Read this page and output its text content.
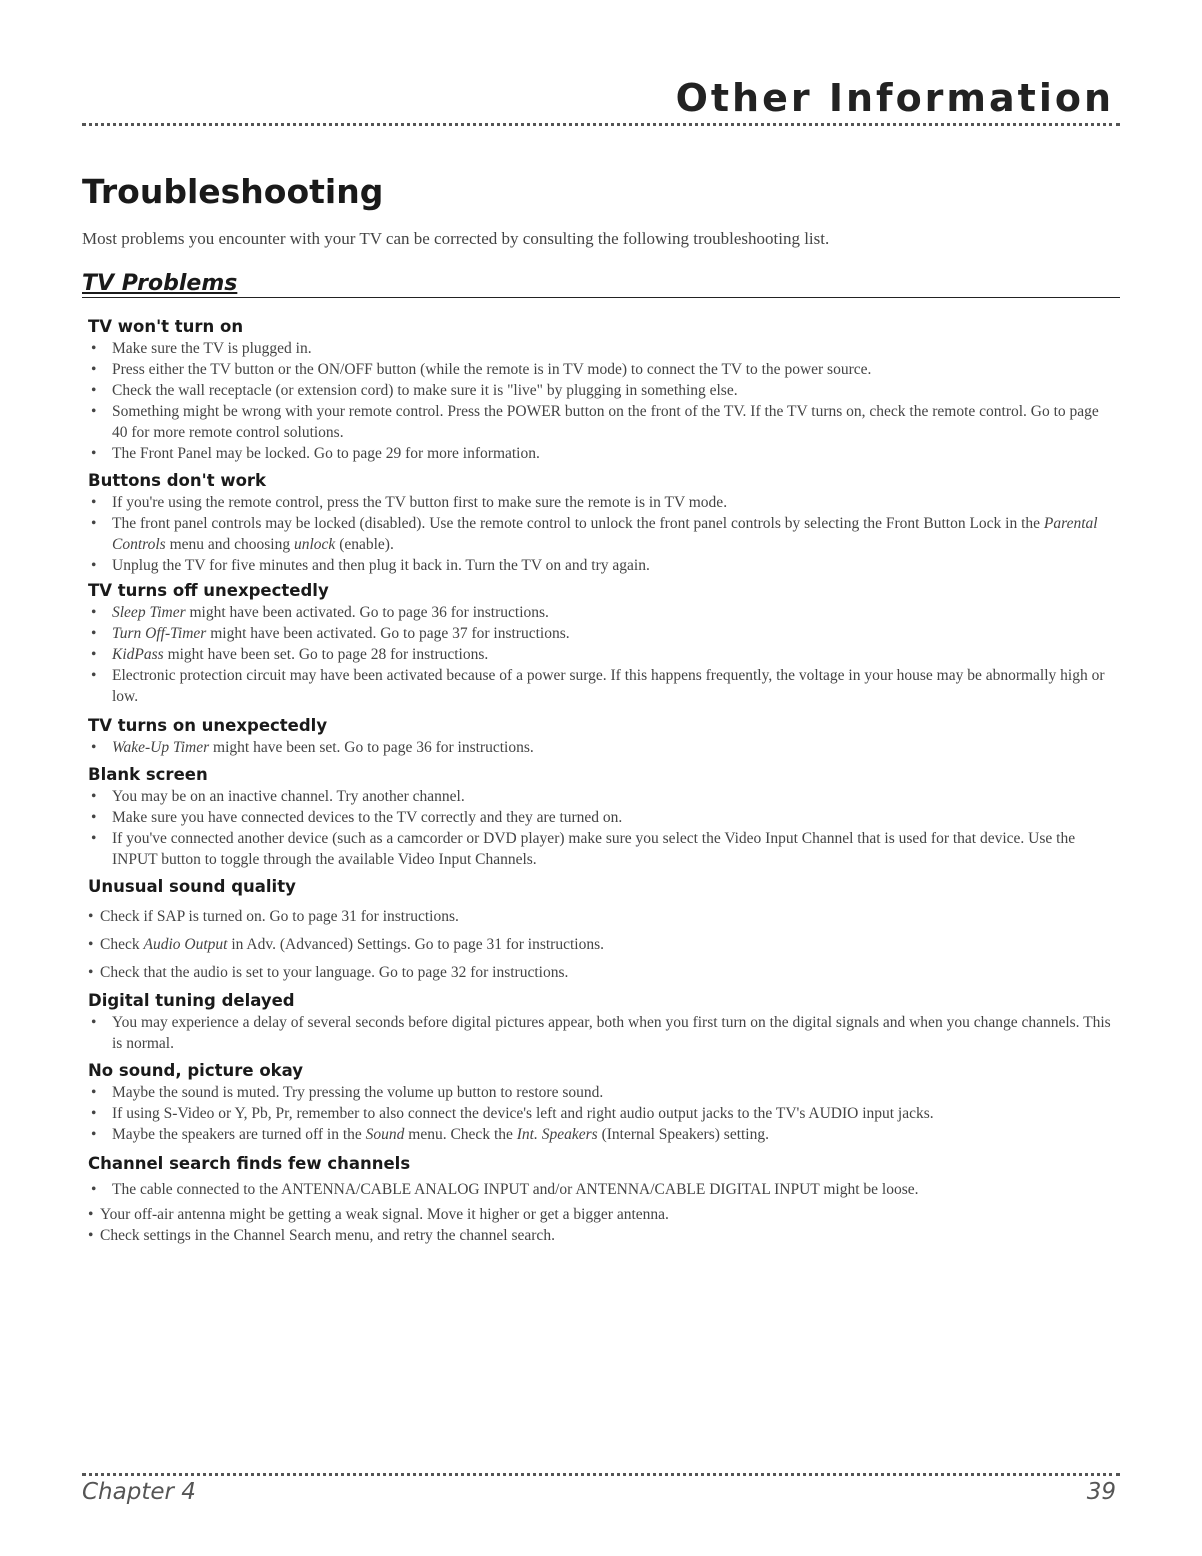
Other Information
Troubleshooting

Most problems you encounter with your TV can be corrected by consulting the following troubleshooting list.

TV Problems
TV won't turn on
• Make sure the TV is plugged in.
• Press either the TV button or the ON/OFF button (while the remote is in TV mode) to connect the TV to the power source.
• Check the wall receptacle (or extension cord) to make sure it is "live" by plugging in something else.
• Something might be wrong with your remote control. Press the POWER button on the front of the TV. If the TV turns on, check the remote control. Go to page 40 for more remote control solutions.
• The Front Panel may be locked. Go to page 29 for more information.
Buttons don't work
• If you're using the remote control, press the TV button first to make sure the remote is in TV mode.
• The front panel controls may be locked (disabled). Use the remote control to unlock the front panel controls by selecting the Front Button Lock in the Parental Controls menu and choosing unlock (enable).
• Unplug the TV for five minutes and then plug it back in. Turn the TV on and try again.
TV turns off unexpectedly
• Sleep Timer might have been activated. Go to page 36 for instructions.
• Turn Off-Timer might have been activated. Go to page 37 for instructions.
• KidPass might have been set. Go to page 28 for instructions.
• Electronic protection circuit may have been activated because of a power surge. If this happens frequently, the voltage in your house may be abnormally high or low.
TV turns on unexpectedly
• Wake-Up Timer might have been set. Go to page 36 for instructions.
Blank screen
• You may be on an inactive channel. Try another channel.
• Make sure you have connected devices to the TV correctly and they are turned on.
• If you've connected another device (such as a camcorder or DVD player) make sure you select the Video Input Channel that is used for that device. Use the INPUT button to toggle through the available Video Input Channels.
Unusual sound quality
• Check if SAP is turned on. Go to page 31 for instructions.
• Check Audio Output in Adv. (Advanced) Settings. Go to page 31 for instructions.
• Check that the audio is set to your language. Go to page 32 for instructions.
Digital tuning delayed
• You may experience a delay of several seconds before digital pictures appear, both when you first turn on the digital signals and when you change channels. This is normal.
No sound, picture okay
• Maybe the sound is muted. Try pressing the volume up button to restore sound.
• If using S-Video or Y, Pb, Pr, remember to also connect the device's left and right audio output jacks to the TV's AUDIO input jacks.
• Maybe the speakers are turned off in the Sound menu. Check the Int. Speakers (Internal Speakers) setting.
Channel search finds few channels
• The cable connected to the ANTENNA/CABLE ANALOG INPUT and/or ANTENNA/CABLE DIGITAL INPUT might be loose.
• Your off-air antenna might be getting a weak signal. Move it higher or get a bigger antenna.
• Check settings in the Channel Search menu, and retry the channel search.
Chapter 4	39
